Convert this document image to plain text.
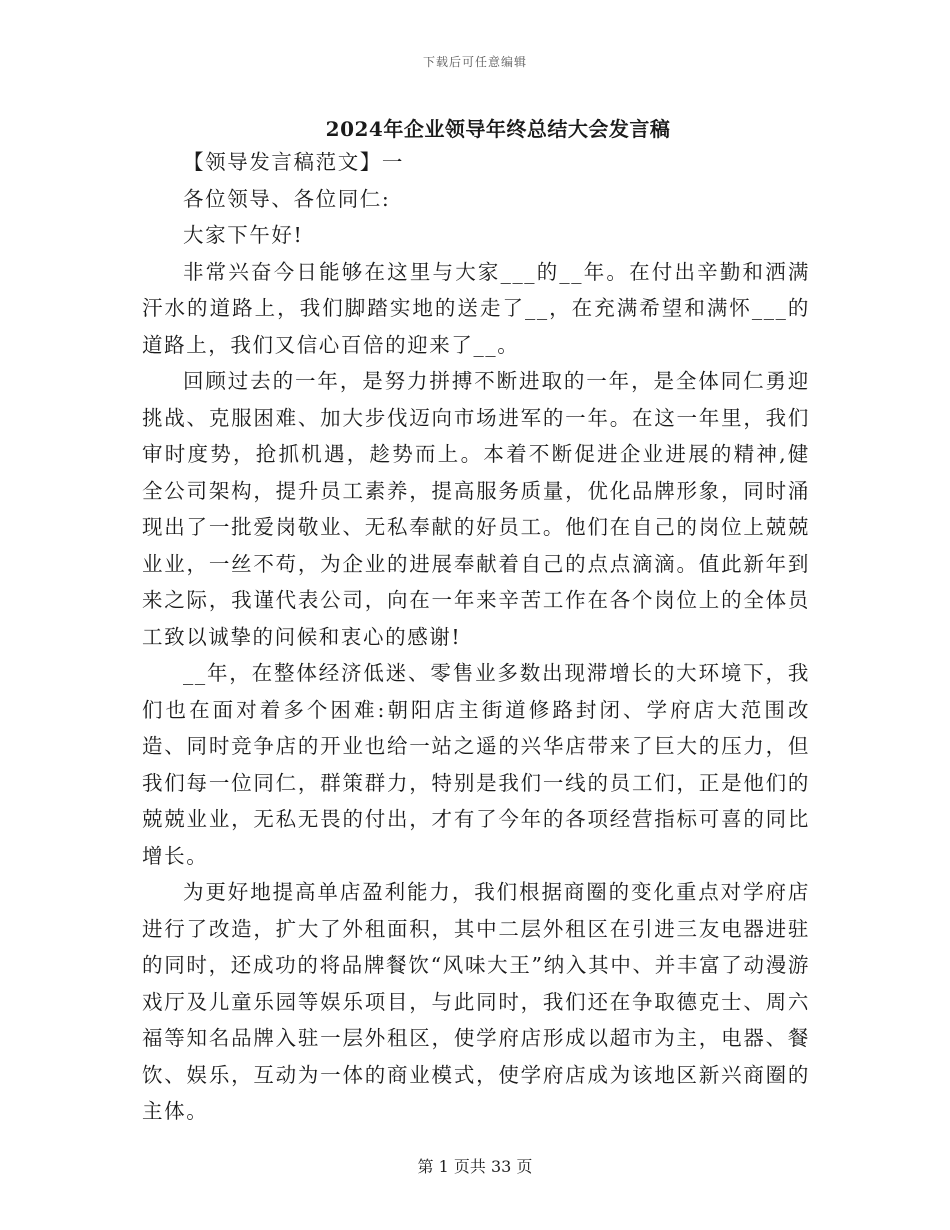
下载后可任意编辑
2024年企业领导年终总结大会发言稿

【领导发言稿范文】一

各位领导、各位同仁:

大家下午好!

非常兴奋今日能够在这里与大家___的__年。在付出辛勤和洒满汗水的道路上，我们脚踏实地的送走了__，在充满希望和满怀___的道路上，我们又信心百倍的迎来了__。

回顾过去的一年，是努力拼搏不断进取的一年，是全体同仁勇迎挑战、克服困难、加大步伐迈向市场进军的一年。在这一年里，我们审时度势，抢抓机遇，趁势而上。本着不断促进企业进展的精神,健全公司架构，提升员工素养，提高服务质量，优化品牌形象，同时涌现出了一批爱岗敬业、无私奉献的好员工。他们在自己的岗位上兢兢业业，一丝不苟，为企业的进展奉献着自己的点点滴滴。值此新年到来之际，我谨代表公司，向在一年来辛苦工作在各个岗位上的全体员工致以诚挚的问候和衷心的感谢!

__年，在整体经济低迷、零售业多数出现滞增长的大环境下，我们也在面对着多个困难:朝阳店主街道修路封闭、学府店大范围改造、同时竞争店的开业也给一站之遥的兴华店带来了巨大的压力，但我们每一位同仁，群策群力，特别是我们一线的员工们，正是他们的兢兢业业，无私无畏的付出，才有了今年的各项经营指标可喜的同比增长。

为更好地提高单店盈利能力，我们根据商圈的变化重点对学府店进行了改造，扩大了外租面积，其中二层外租区在引进三友电器进驻的同时，还成功的将品牌餐饮“风味大王”纳入其中、并丰富了动漫游戏厅及儿童乐园等娱乐项目，与此同时，我们还在争取德克士、周六福等知名品牌入驻一层外租区，使学府店形成以超市为主，电器、餐饮、娱乐，互动为一体的商业模式，使学府店成为该地区新兴商圈的主体。

第 1 页共 33 页
